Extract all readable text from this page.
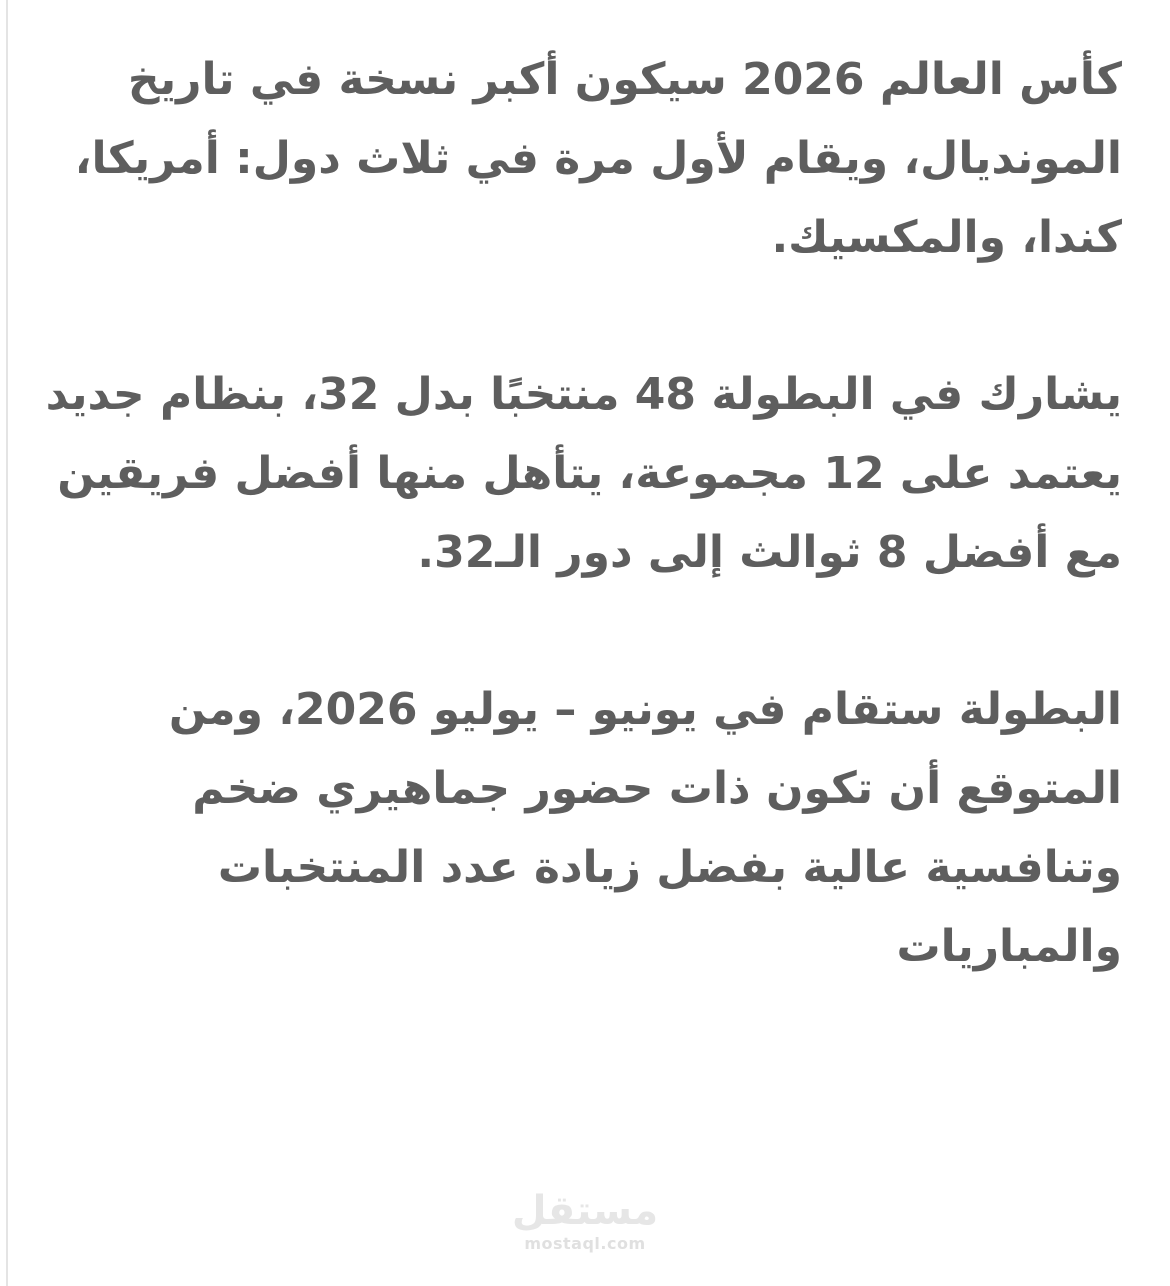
كأس العالم 2026 سيكون أكبر نسخة في تاريخ المونديال، ويقام لأول مرة في ثلاث دول: أمريكا، كندا، والمكسيك.

يشارك في البطولة 48 منتخبًا بدل 32، بنظام جديد يعتمد على 12 مجموعة، يتأهل منها أفضل فريقين مع أفضل 8 ثوالث إلى دور الـ32.

البطولة ستقام في يونيو – يوليو 2026، ومن المتوقع أن تكون ذات حضور جماهيري ضخم وتنافسية عالية بفضل زيادة عدد المنتخبات والمباريات

مستقل
mostaql.com
